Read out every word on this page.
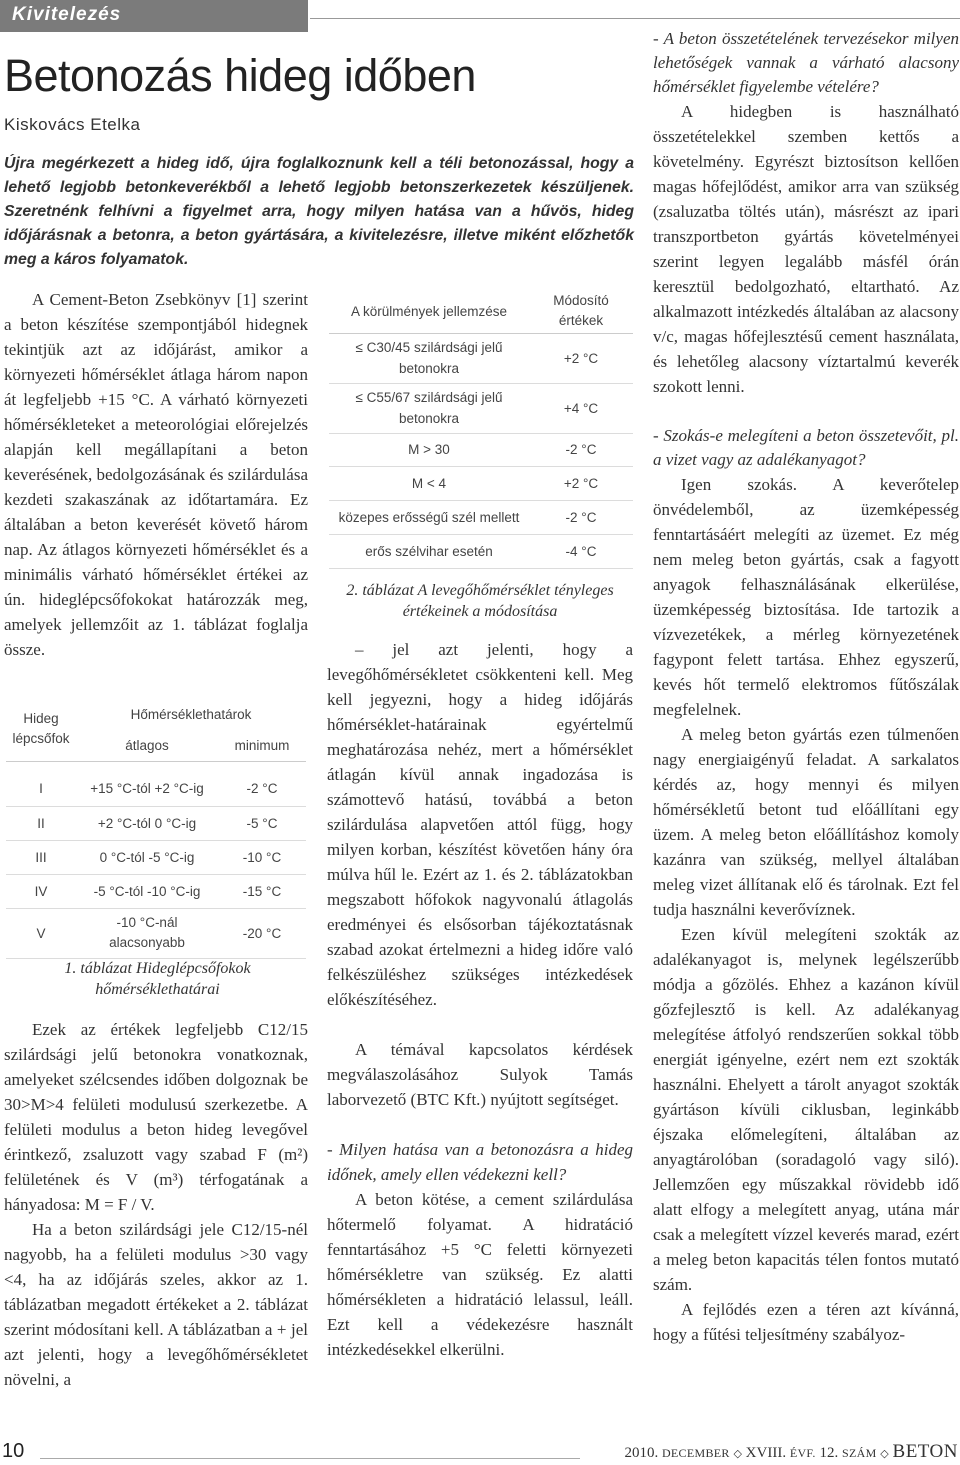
Kivitelezés
Betonozás hideg időben
Kiskovács Etelka

Újra megérkezett a hideg idő, újra foglalkoznunk kell a téli betonozással, hogy a lehető legjobb betonkeverékből a lehető legjobb betonszerkezetek készüljenek. Szeretnénk felhívni a figyelmet arra, hogy milyen hatása van a hűvös, hideg időjárásnak a betonra, a beton gyártására, a kivitelezésre, illetve miként előzhetők meg a káros folyamatok.

A Cement-Beton Zsebkönyv [1] szerint a beton készítése szempontjából hidegnek tekintjük azt az időjárást, amikor a környezeti hőmérséklet átlaga három napon át legfeljebb +15 °C. A várható környezeti hőmérsékleteket a meteorológiai előrejelzés alapján kell megállapítani a beton keverésének, bedolgozásának és szilárdulása kezdeti szakaszának az időtartamára. Ez általában a beton keverését követő három nap. Az átlagos környezeti hőmérséklet és a minimális várható hőmérséklet értékei az ún. hideglépcsőfokokat határozzák meg, amelyek jellemzőit az 1. táblázat foglalja össze.

Hideg lépcsőfok	Hőmérséklethatárok	
	átlagos	minimum

I	+15 °C-tól +2 °C-ig	-2 °C
II	+2 °C-tól 0 °C-ig	-5 °C
III	0 °C-tól -5 °C-ig	-10 °C
IV	-5 °C-tól -10 °C-ig	-15 °C
V	-10 °C-nál alacsonyabb	-20 °C
1. táblázat Hideglépcsőfokok hőmérséklethatárai

Ezek az értékek legfeljebb C12/15 szilárdsági jelű betonokra vonatkoznak, amelyeket szélcsendes időben dolgoznak be 30>M>4 felületi modulusú szerkezetbe. A felületi modulus a beton hideg levegővel érintkező, zsaluzott vagy szabad F (m²) felületének és V (m³) térfogatának a hányadosa: M = F / V.

Ha a beton szilárdsági jele C12/15-nél nagyobb, ha a felületi modulus >30 vagy <4, ha az időjárás szeles, akkor az 1. táblázatban megadott értékeket a 2. táblázat szerint módosítani kell. A táblázatban a + jel azt jelenti, hogy a levegőhőmérsékletet növelni, a

A körülmények jellemzése	Módosító értékek
≤ C30/45 szilárdsági jelű betonokra	+2 °C
≤ C55/67 szilárdsági jelű betonokra	+4 °C
M > 30	-2 °C
M < 4	+2 °C
közepes erősségű szél mellett	-2 °C
erős szélvihar esetén	-4 °C
2. táblázat A levegőhőmérséklet tényleges értékeinek a módosítása

– jel azt jelenti, hogy a levegőhőmérsékletet csökkenteni kell. Meg kell jegyezni, hogy a hideg időjárás hőmérséklet-határainak egyértelmű meghatározása nehéz, mert a hőmérséklet átlagán kívül annak ingadozása is számottevő hatású, továbbá a beton szilárdulása alapvetően attól függ, hogy milyen korban, készítést követően hány óra múlva hűl le. Ezért az 1. és 2. táblázatokban megszabott hőfokok nagyvonalú átlagolás eredményei és elsősorban tájékoztatásnak szabad azokat értelmezni a hideg időre való felkészüléshez szükséges intézkedések előkészítéséhez.

A témával kapcsolatos kérdések megválaszolásához Sulyok Tamás laborvezető (BTC Kft.) nyújtott segítséget.

- Milyen hatása van a betonozásra a hideg időnek, amely ellen védekezni kell?

A beton kötése, a cement szilárdulása hőtermelő folyamat. A hidratáció fenntartásához +5 °C feletti környezeti hőmérsékletre van szükség. Ez alatti hőmérsékleten a hidratáció lelassul, leáll. Ezt kell a védekezésre használt intézkedésekkel elkerülni.

- A beton összetételének tervezésekor milyen lehetőségek vannak a várható alacsony hőmérséklet figyelembe vételére?

A hidegben is használható összetételekkel szemben kettős a követelmény. Egyrészt biztosítson kellően magas hőfejlődést, amikor arra van szükség (zsaluzatba töltés után), másrészt az ipari transzportbeton gyártás követelményei szerint legyen legalább másfél órán keresztül bedolgozható, eltartható. Az alkalmazott intézkedés általában az alacsony v/c, magas hőfejlesztésű cement használata, és lehetőleg alacsony víztartalmú keverék szokott lenni.

- Szokás-e melegíteni a beton összetevőit, pl. a vizet vagy az adalékanyagot?

Igen szokás. A keverőtelep önvédelemből, az üzemképesség fenntartásáért melegíti az üzemet. Ez még nem meleg beton gyártás, csak a fagyott anyagok felhasználásának elkerülése, üzemképesség biztosítása. Ide tartozik a vízvezetékek, a mérleg környezetének fagypont felett tartása. Ehhez egyszerű, kevés hőt termelő elektromos fűtőszálak megfelelnek.

A meleg beton gyártás ezen túlmenően nagy energiaigényű feladat. A sarkalatos kérdés az, hogy mennyi és milyen hőmérsékletű betont tud előállítani egy üzem. A meleg beton előállításhoz komoly kazánra van szükség, mellyel általában meleg vizet állítanak elő és tárolnak. Ezt fel tudja használni keverővíznek.

Ezen kívül melegíteni szokták az adalékanyagot is, melynek legélszerűbb módja a gőzölés. Ehhez a kazánon kívül gőzfejlesztő is kell. Az adalékanyag melegítése átfolyó rendszerűen sokkal több energiát igényelne, ezért nem ezt szokták használni. Ehelyett a tárolt anyagot szokták gyártáson kívüli ciklusban, leginkább éjszaka előmelegíteni, általában az anyagtárolóban (soradagoló vagy siló). Jellemzően egy műszakkal rövidebb idő alatt elfogy a melegített anyag, utána már csak a melegített vízzel keverés marad, ezért a meleg beton kapacitás télen fontos mutató szám.

A fejlődés ezen a téren azt kívánná, hogy a fűtési teljesítmény szabályoz-

10	2010. DECEMBER ◇ XVIII. ÉVF. 12. SZÁM ◇ BETON
